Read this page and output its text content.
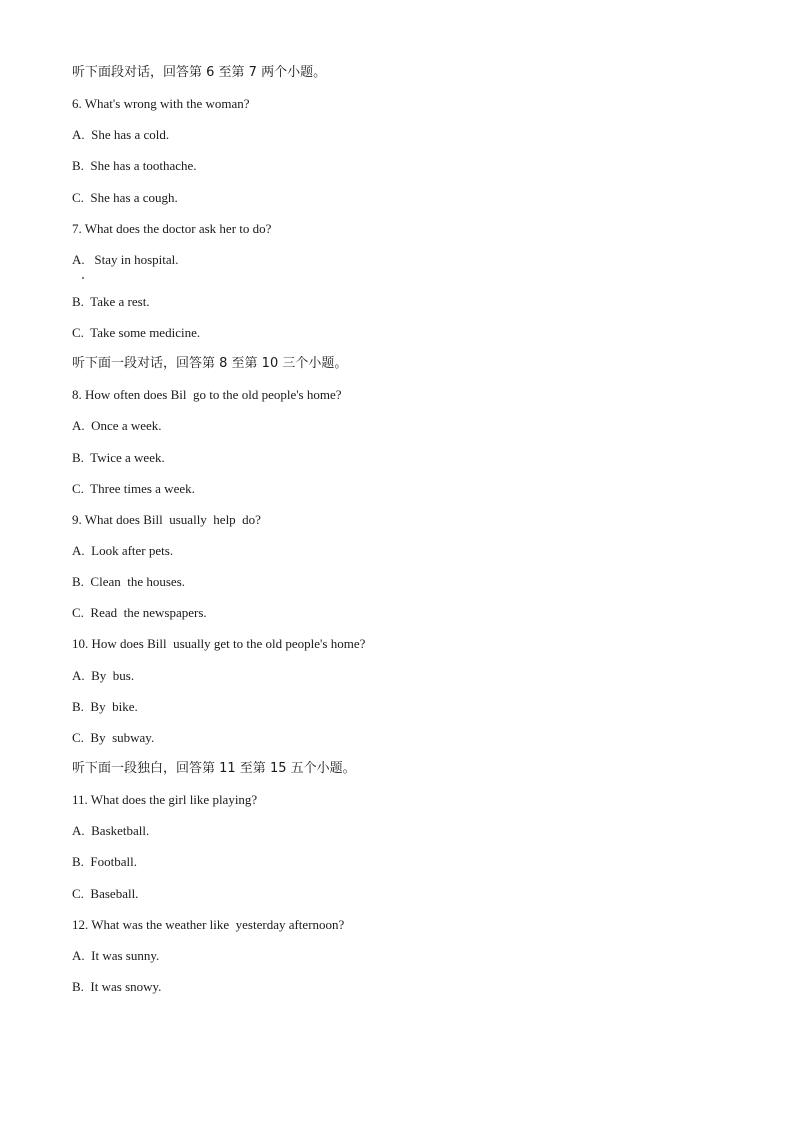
听下面段对话，回答第 6 至第 7 两个小题。
6. What's wrong with the woman?
A.  She has a cold.
B.  She has a toothache.
C.  She has a cough.
7. What does the doctor ask her to do?
A.   Stay in hospital.
B.  Take a rest.
C.  Take some medicine.
听下面一段对话，回答第 8 至第 10 三个小题。
8. How often does Bil  go to the old people's home?
A.  Once a week.
B.  Twice a week.
C.  Three times a week.
9. What does Bill  usually  help  do?
A.  Look after pets.
B.  Clean  the houses.
C.  Read  the newspapers.
10. How does Bill  usually get to the old people's home?
A.  By  bus.
B.  By  bike.
C.  By  subway.
听下面一段独白，回答第 11 至第 15 五个小题。
11. What does the girl like playing?
A.  Basketball.
B.  Football.
C.  Baseball.
12. What was the weather like  yesterday afternoon?
A.  It was sunny.
B.  It was snowy.
